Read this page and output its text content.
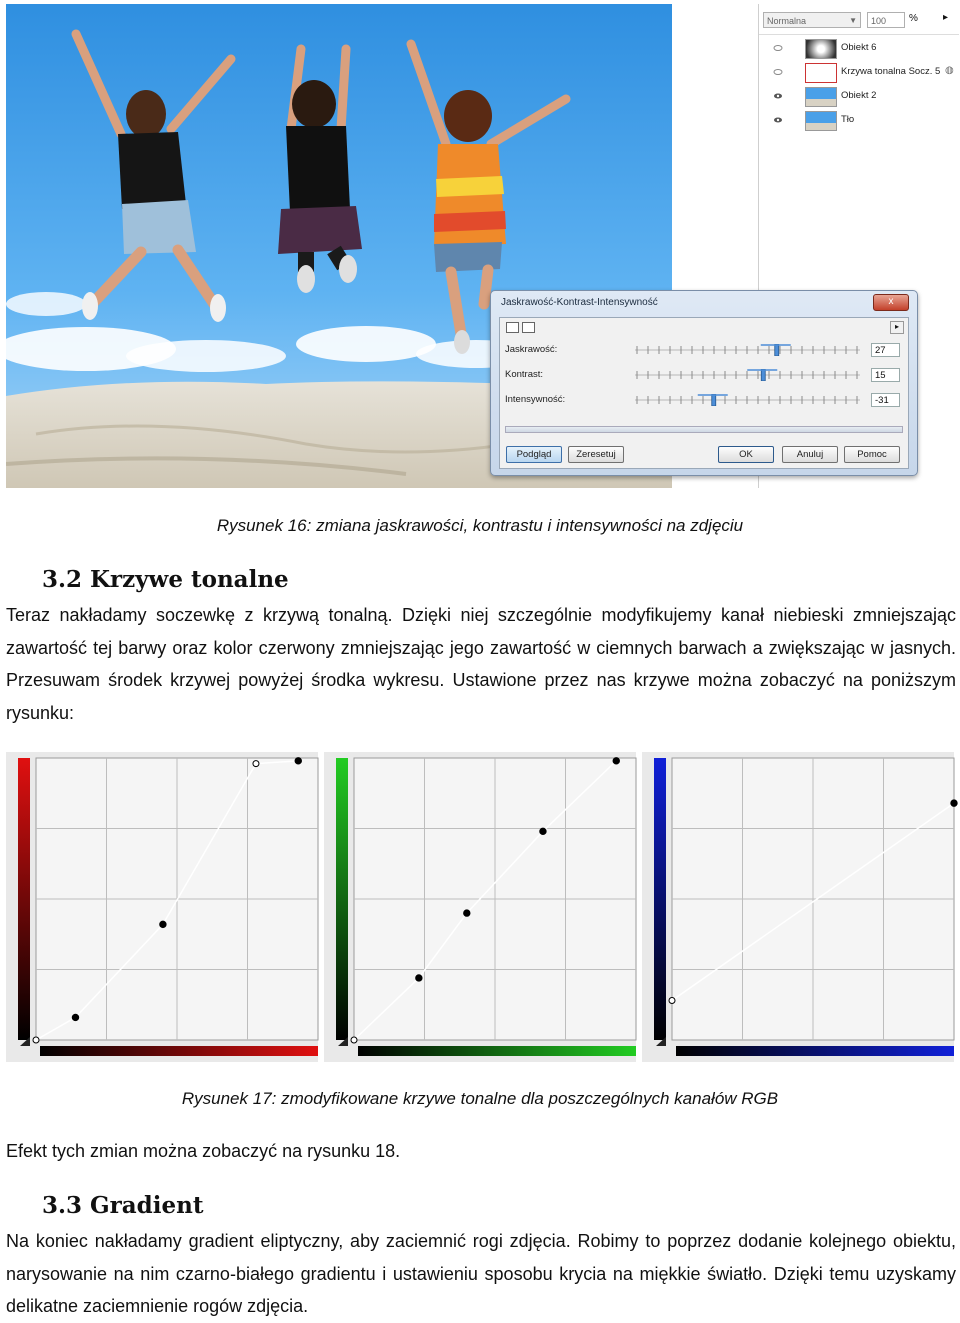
Normalna	▼	100	%	▸
Obiekt 6
Krzywa tonalna Socz. 5 ◍
Obiekt 2
Tło
Jaskrawość-Kontrast-Intensywność	x
▸
Jaskrawość:	27
Kontrast:	15
Intensywność:	-31
Podgląd	Zeresetuj	OK	Anuluj	Pomoc
Rysunek 16: zmiana jaskrawości, kontrastu i intensywności na zdjęciu
3.2 Krzywe tonalne
Teraz nakładamy soczewkę z krzywą tonalną. Dzięki niej szczególnie modyfikujemy kanał niebieski zmniejszając zawartość tej barwy oraz kolor czerwony zmniejszając jego zawartość w ciemnych barwach a zwiększając w jasnych. Przesuwam środek krzywej powyżej środka wykresu. Ustawione przez nas krzywe można zobaczyć na poniższym rysunku:
Rysunek 17: zmodyfikowane krzywe tonalne dla poszczególnych kanałów RGB
Efekt tych zmian można zobaczyć na rysunku 18.
3.3 Gradient
Na koniec nakładamy gradient eliptyczny, aby zaciemnić rogi zdjęcia. Robimy to poprzez dodanie kolejnego obiektu, narysowanie na nim czarno-białego gradientu i ustawieniu sposobu krycia na miękkie światło. Dzięki temu uzyskamy delikatne zaciemnienie rogów zdjęcia.
